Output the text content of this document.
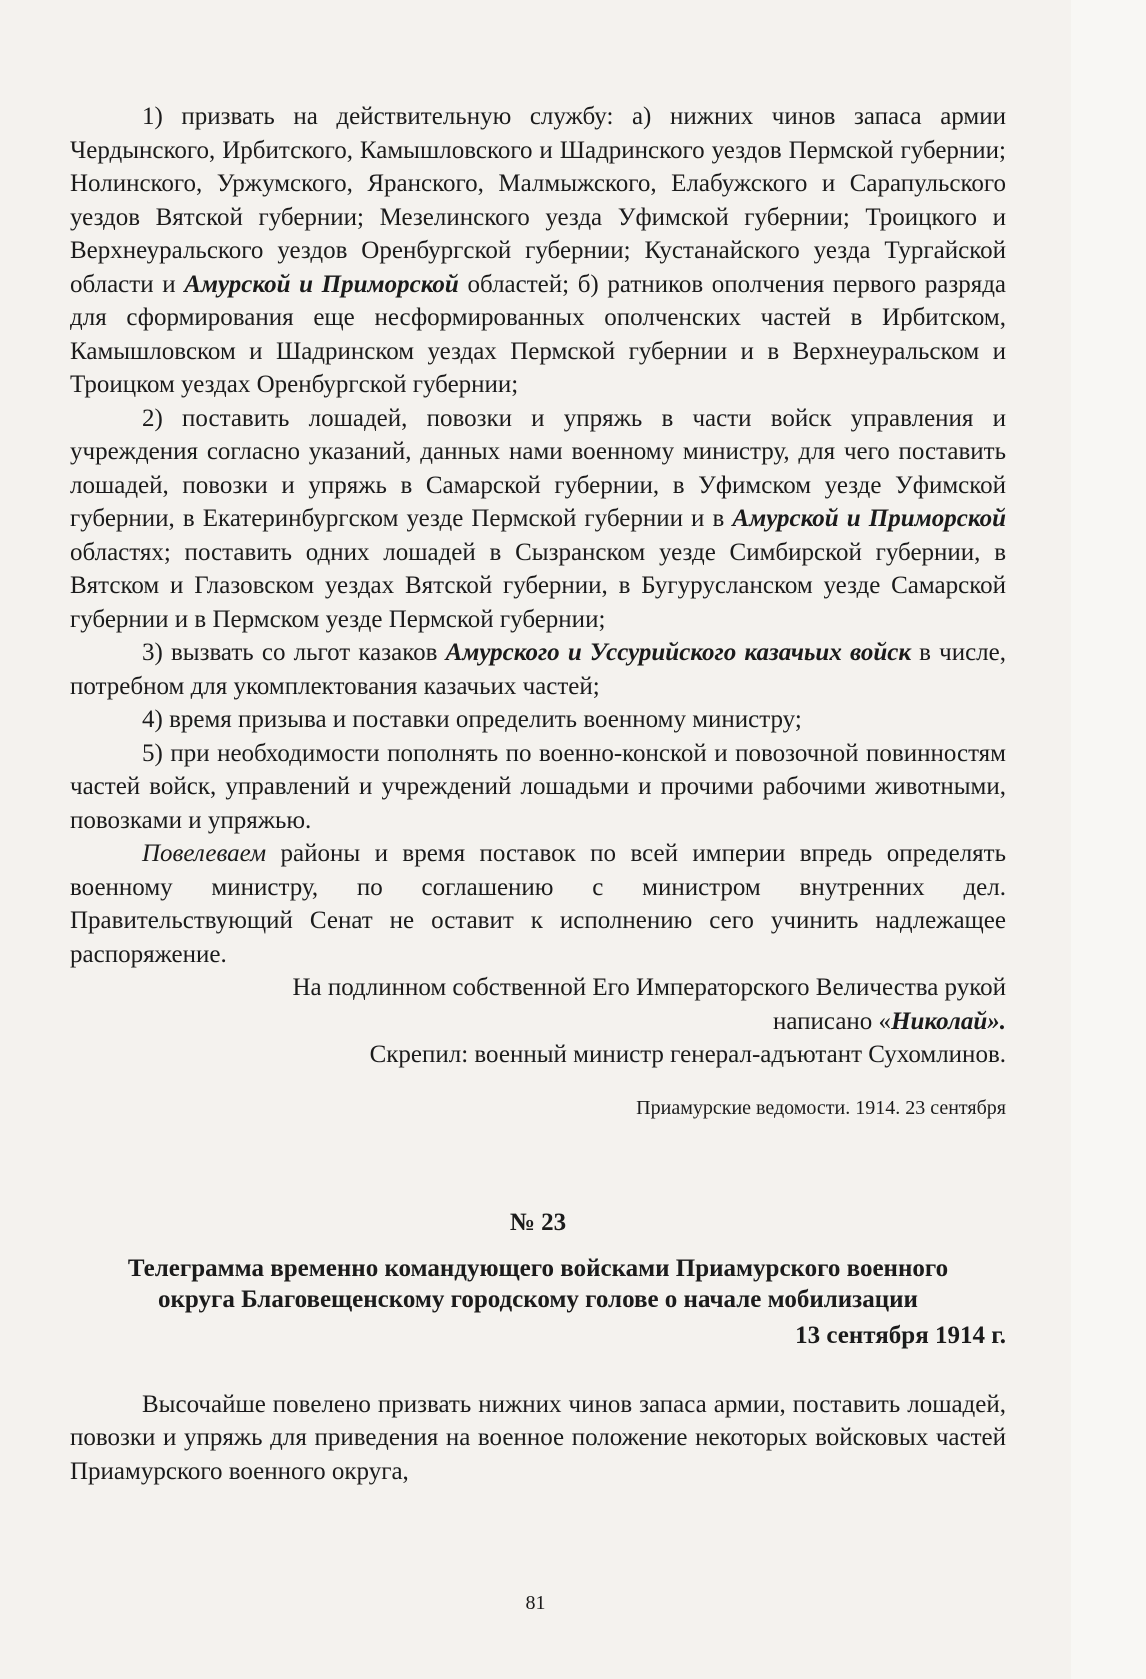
1) призвать на действительную службу: а) нижних чинов запаса армии Чердынского, Ирбитского, Камышловского и Шадринского уездов Пермской губернии; Нолинского, Уржумского, Яранского, Малмыжского, Елабужского и Сарапульского уездов Вятской губернии; Мезелинского уезда Уфимской губернии; Троицкого и Верхнеуральского уездов Оренбургской губернии; Кустанайского уезда Тургайской области и Амурской и Приморской областей; б) ратников ополчения первого разряда для сформирования еще несформированных ополченских частей в Ирбитском, Камышловском и Шадринском уездах Пермской губернии и в Верхнеуральском и Троицком уездах Оренбургской губернии;

2) поставить лошадей, повозки и упряжь в части войск управления и учреждения согласно указаний, данных нами военному министру, для чего поставить лошадей, повозки и упряжь в Самарской губернии, в Уфимском уезде Уфимской губернии, в Екатеринбургском уезде Пермской губернии и в Амурской и Приморской областях; поставить одних лошадей в Сызранском уезде Симбирской губернии, в Вятском и Глазовском уездах Вятской губернии, в Бугурусланском уезде Самарской губернии и в Пермском уезде Пермской губернии;

3) вызвать со льгот казаков Амурского и Уссурийского казачьих войск в числе, потребном для укомплектования казачьих частей;

4) время призыва и поставки определить военному министру;

5) при необходимости пополнять по военно-конской и повозочной повинностям частей войск, управлений и учреждений лошадьми и прочими рабочими животными, повозками и упряжью.

Повелеваем районы и время поставок по всей империи впредь определять военному министру, по соглашению с министром внутренних дел. Правительствующий Сенат не оставит к исполнению сего учинить надлежащее распоряжение.

На подлинном собственной Его Императорского Величества рукой

написано «Николай».

Скрепил: военный министр генерал-адъютант Сухомлинов.

Приамурские ведомости. 1914. 23 сентября
№ 23
Телеграмма временно командующего войсками Приамурского военного округа Благовещенскому городскому голове о начале мобилизации
13 сентября 1914 г.

Высочайше повелено призвать нижних чинов запаса армии, поставить лошадей, повозки и упряжь для приведения на военное положение некоторых войсковых частей Приамурского военного округа,

81
